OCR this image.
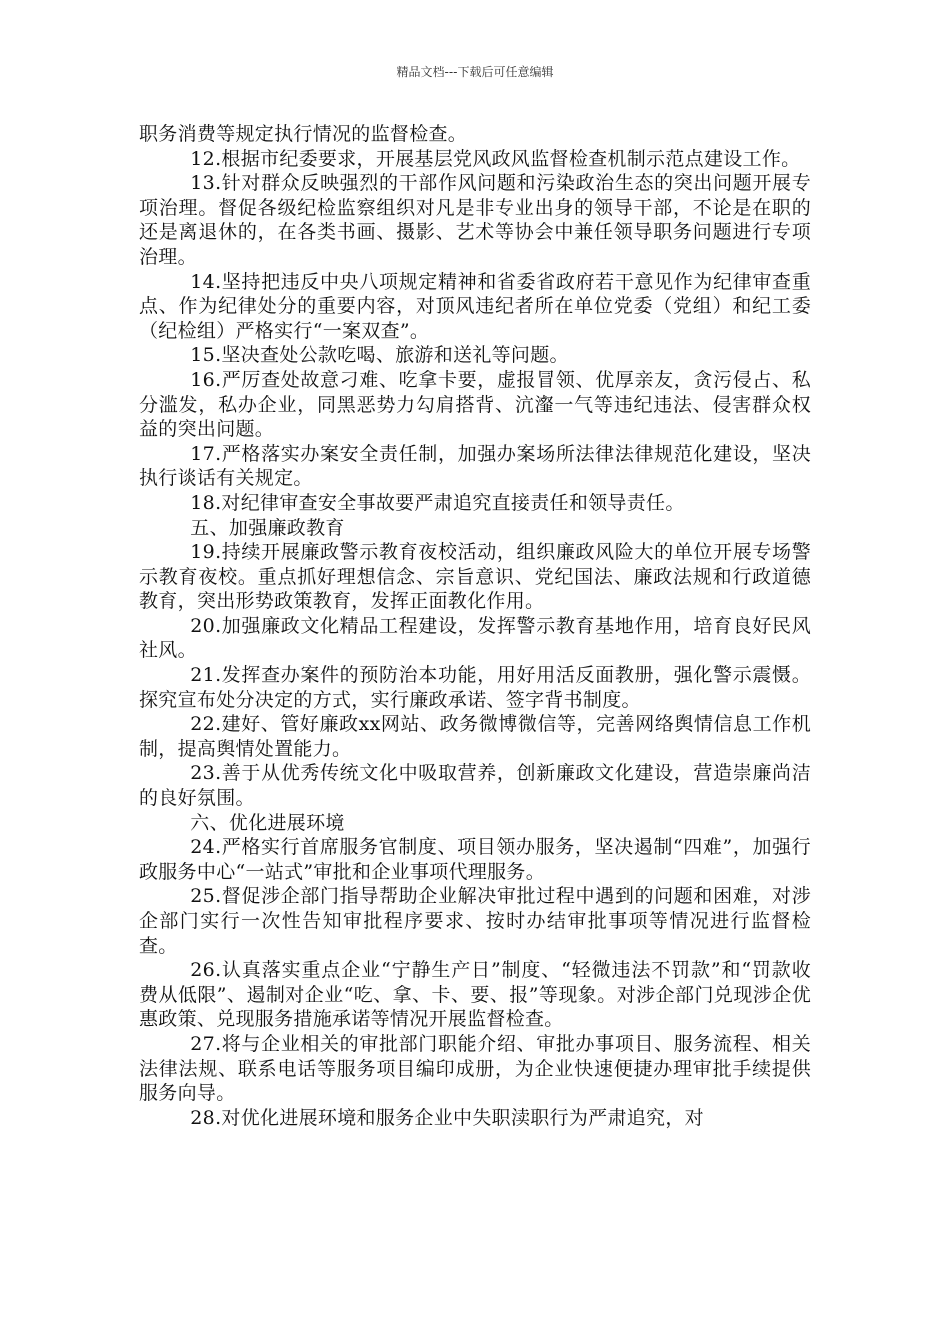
精品文档---下载后可任意编辑

职务消费等规定执行情况的监督检查。

12.根据市纪委要求，开展基层党风政风监督检查机制示范点建设工作。

13.针对群众反映强烈的干部作风问题和污染政治生态的突出问题开展专项治理。督促各级纪检监察组织对凡是非专业出身的领导干部，不论是在职的还是离退休的，在各类书画、摄影、艺术等协会中兼任领导职务问题进行专项治理。

14.坚持把违反中央八项规定精神和省委省政府若干意见作为纪律审查重点、作为纪律处分的重要内容，对顶风违纪者所在单位党委（党组）和纪工委（纪检组）严格实行“一案双查”。

15.坚决查处公款吃喝、旅游和送礼等问题。

16.严厉查处故意刁难、吃拿卡要，虚报冒领、优厚亲友，贪污侵占、私分滥发，私办企业，同黑恶势力勾肩搭背、沆瀣一气等违纪违法、侵害群众权益的突出问题。

17.严格落实办案安全责任制，加强办案场所法律法律规范化建设，坚决执行谈话有关规定。

18.对纪律审查安全事故要严肃追究直接责任和领导责任。

五、加强廉政教育

19.持续开展廉政警示教育夜校活动，组织廉政风险大的单位开展专场警示教育夜校。重点抓好理想信念、宗旨意识、党纪国法、廉政法规和行政道德教育，突出形势政策教育，发挥正面教化作用。

20.加强廉政文化精品工程建设，发挥警示教育基地作用，培育良好民风社风。

21.发挥查办案件的预防治本功能，用好用活反面教册，强化警示震慑。探究宣布处分决定的方式，实行廉政承诺、签字背书制度。

22.建好、管好廉政xx网站、政务微博微信等，完善网络舆情信息工作机制，提高舆情处置能力。

23.善于从优秀传统文化中吸取营养，创新廉政文化建设，营造崇廉尚洁的良好氛围。

六、优化进展环境

24.严格实行首席服务官制度、项目领办服务，坚决遏制“四难”，加强行政服务中心“一站式”审批和企业事项代理服务。

25.督促涉企部门指导帮助企业解决审批过程中遇到的问题和困难，对涉企部门实行一次性告知审批程序要求、按时办结审批事项等情况进行监督检查。

26.认真落实重点企业“宁静生产日”制度、“轻微违法不罚款”和“罚款收费从低限”、遏制对企业“吃、拿、卡、要、报”等现象。对涉企部门兑现涉企优惠政策、兑现服务措施承诺等情况开展监督检查。

27.将与企业相关的审批部门职能介绍、审批办事项目、服务流程、相关法律法规、联系电话等服务项目编印成册，为企业快速便捷办理审批手续提供服务向导。

28.对优化进展环境和服务企业中失职渎职行为严肃追究，对
